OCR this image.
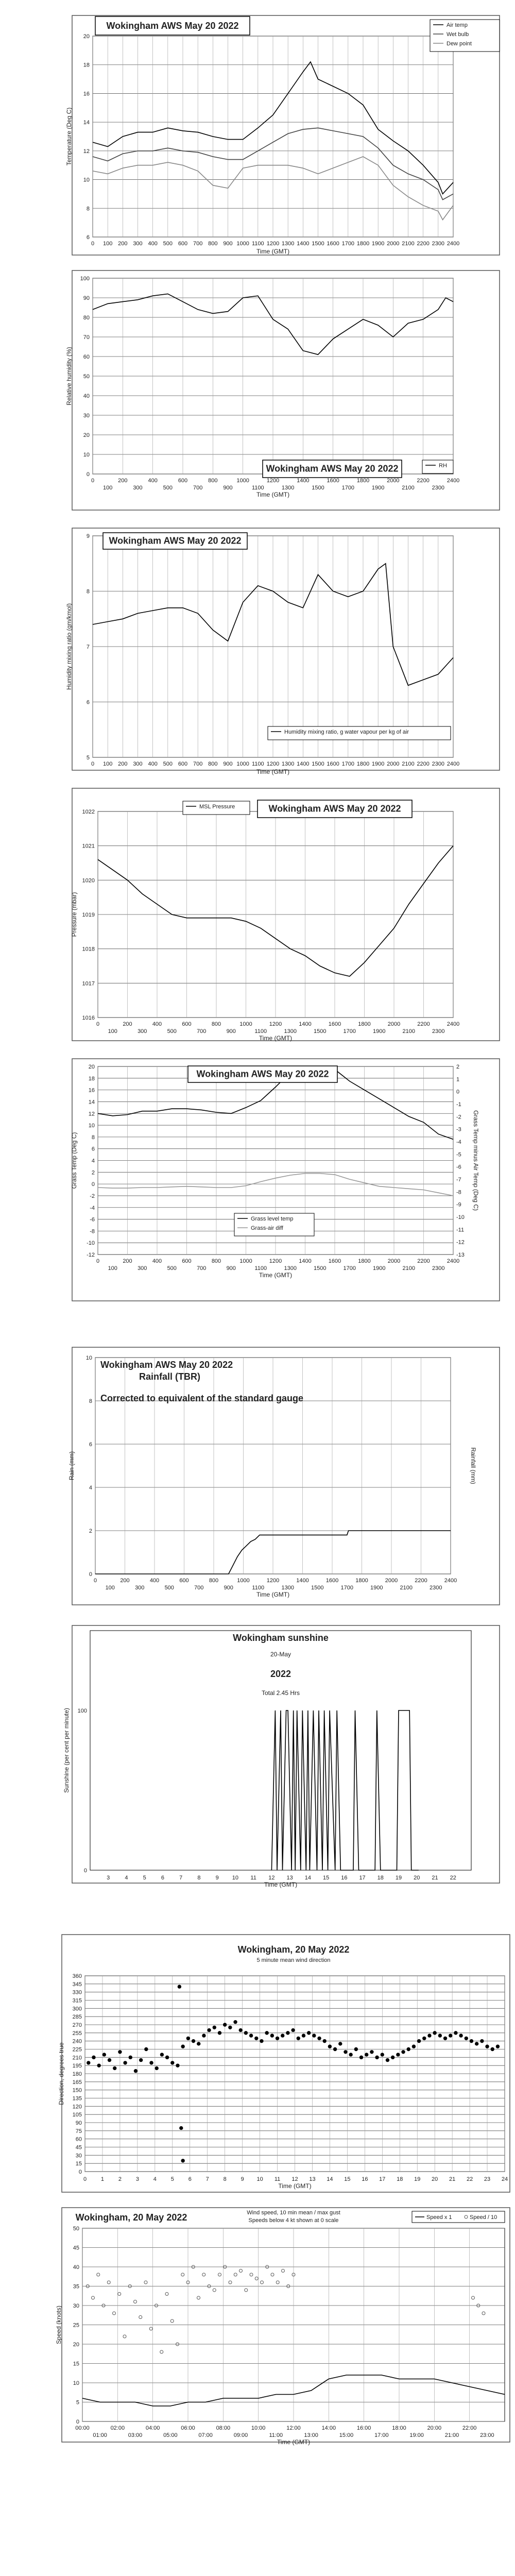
6
8
10
12
14
16
18
20
0 100 200 300 400 500 600 700 800 900 1000 1100 1200 1300 1400 1500 1600 1700 1800 1900 2000 2100 2200 2300 2400
Time (GMT)
Temperature (Deg C)
Wokingham AWS May 20 2022	Air temp
Wet bulb
Dew point
0
10
20
30
40
50
60
70
80
90
100
0	200	400	600	800	1000	1200	1400	1600	1800	2000	2200	2400
100	300	500	700	900	1100	1300	1500	1700	1900	2100	2300
Time (GMT)
Relative humidity (%)
Wokingham AWS May 20 2022	RH
5
6
7
8
9
0 100 200 300 400 500 600 700 800 900 1000 1100 1200 1300 1400 1500 1600 1700 1800 1900 2000 2100 2200 2300 2400
Time (GMT)
Humidity mixing ratio (gm/kmol)
Wokingham AWS May 20 2022
Humidity mixing ratio, g water vapour per kg of air
1016
1017
1018
1019
1020
1021
1022
0	200	400	600	800	1000	1200	1400	1600	1800	2000	2200	2400
100	300	500	700	900	1100	1300	1500	1700	1900	2100	2300
Time (GMT)
Pressure (mbar)
Wokingham AWS May 20 2022
MSL Pressure
-12
-10
-8
-6
-4
-2
0
2
4
6
8
10
12
14
16
18
20
-13
-12
-11
-10
-9
-8
-7
-6
-5
-4
-3
-2
-1
0
1
2
0	200	400	600	800	1000	1200	1400	1600	1800	2000	2200	2400
100	300	500	700	900	1100	1300	1500	1700	1900	2100	2300
Time (GMT)
Grass Temp (Deg C)	Grass Temp minus Air Temp (Deg C)
Wokingham AWS May 20 2022
Grass level temp
Grass-air diff
0
2
4
6
8
10
0	200	400	600	800	1000	1200	1400	1600	1800	2000	2200	2400
100	300	500	700	900	1100	1300	1500	1700	1900	2100	2300
Time (GMT)
Rain (mm)	Rainfall (mm)
Wokingham AWS May 20 2022
Rainfall (TBR)
Corrected to equivalent of the standard gauge
0
100
3	4	5	6	7	8	9 10 11 12 13 14 15 16 17 18 19 20 21 22
Time (GMT)
Sunshine (per cent per minute)
Wokingham sunshine
20-May
2022
Total 2.45 Hrs
0
15
30
45
60
75
90
105
120
135
150
165
180
195
210
225
240
255
270
285
300
315
330
345
360
0	1	2	3	4	5	6	7	8	9 10 11 12 13 14 15 16 17 18 19 20 21 22 23 24
Time (GMT)
Direction, degrees true
Wokingham, 20 May 2022
5 minute mean wind direction
0
5
10
15
20
25
30
35
40
45
50
00:00	02:00	04:00	06:00	08:00	10:00	12:00	14:00	16:00	18:00	20:00	22:00
01:00	03:00	05:00	07:00	09:00	11:00	13:00	15:00	17:00	19:00	21:00	23:00
Time (GMT)
Speed (knots)
Wokingham, 20 May 2022	Wind speed, 10 min mean / max gust
Speeds below 4 kt shown at 0 scale	Speed x 1	Speed / 10
